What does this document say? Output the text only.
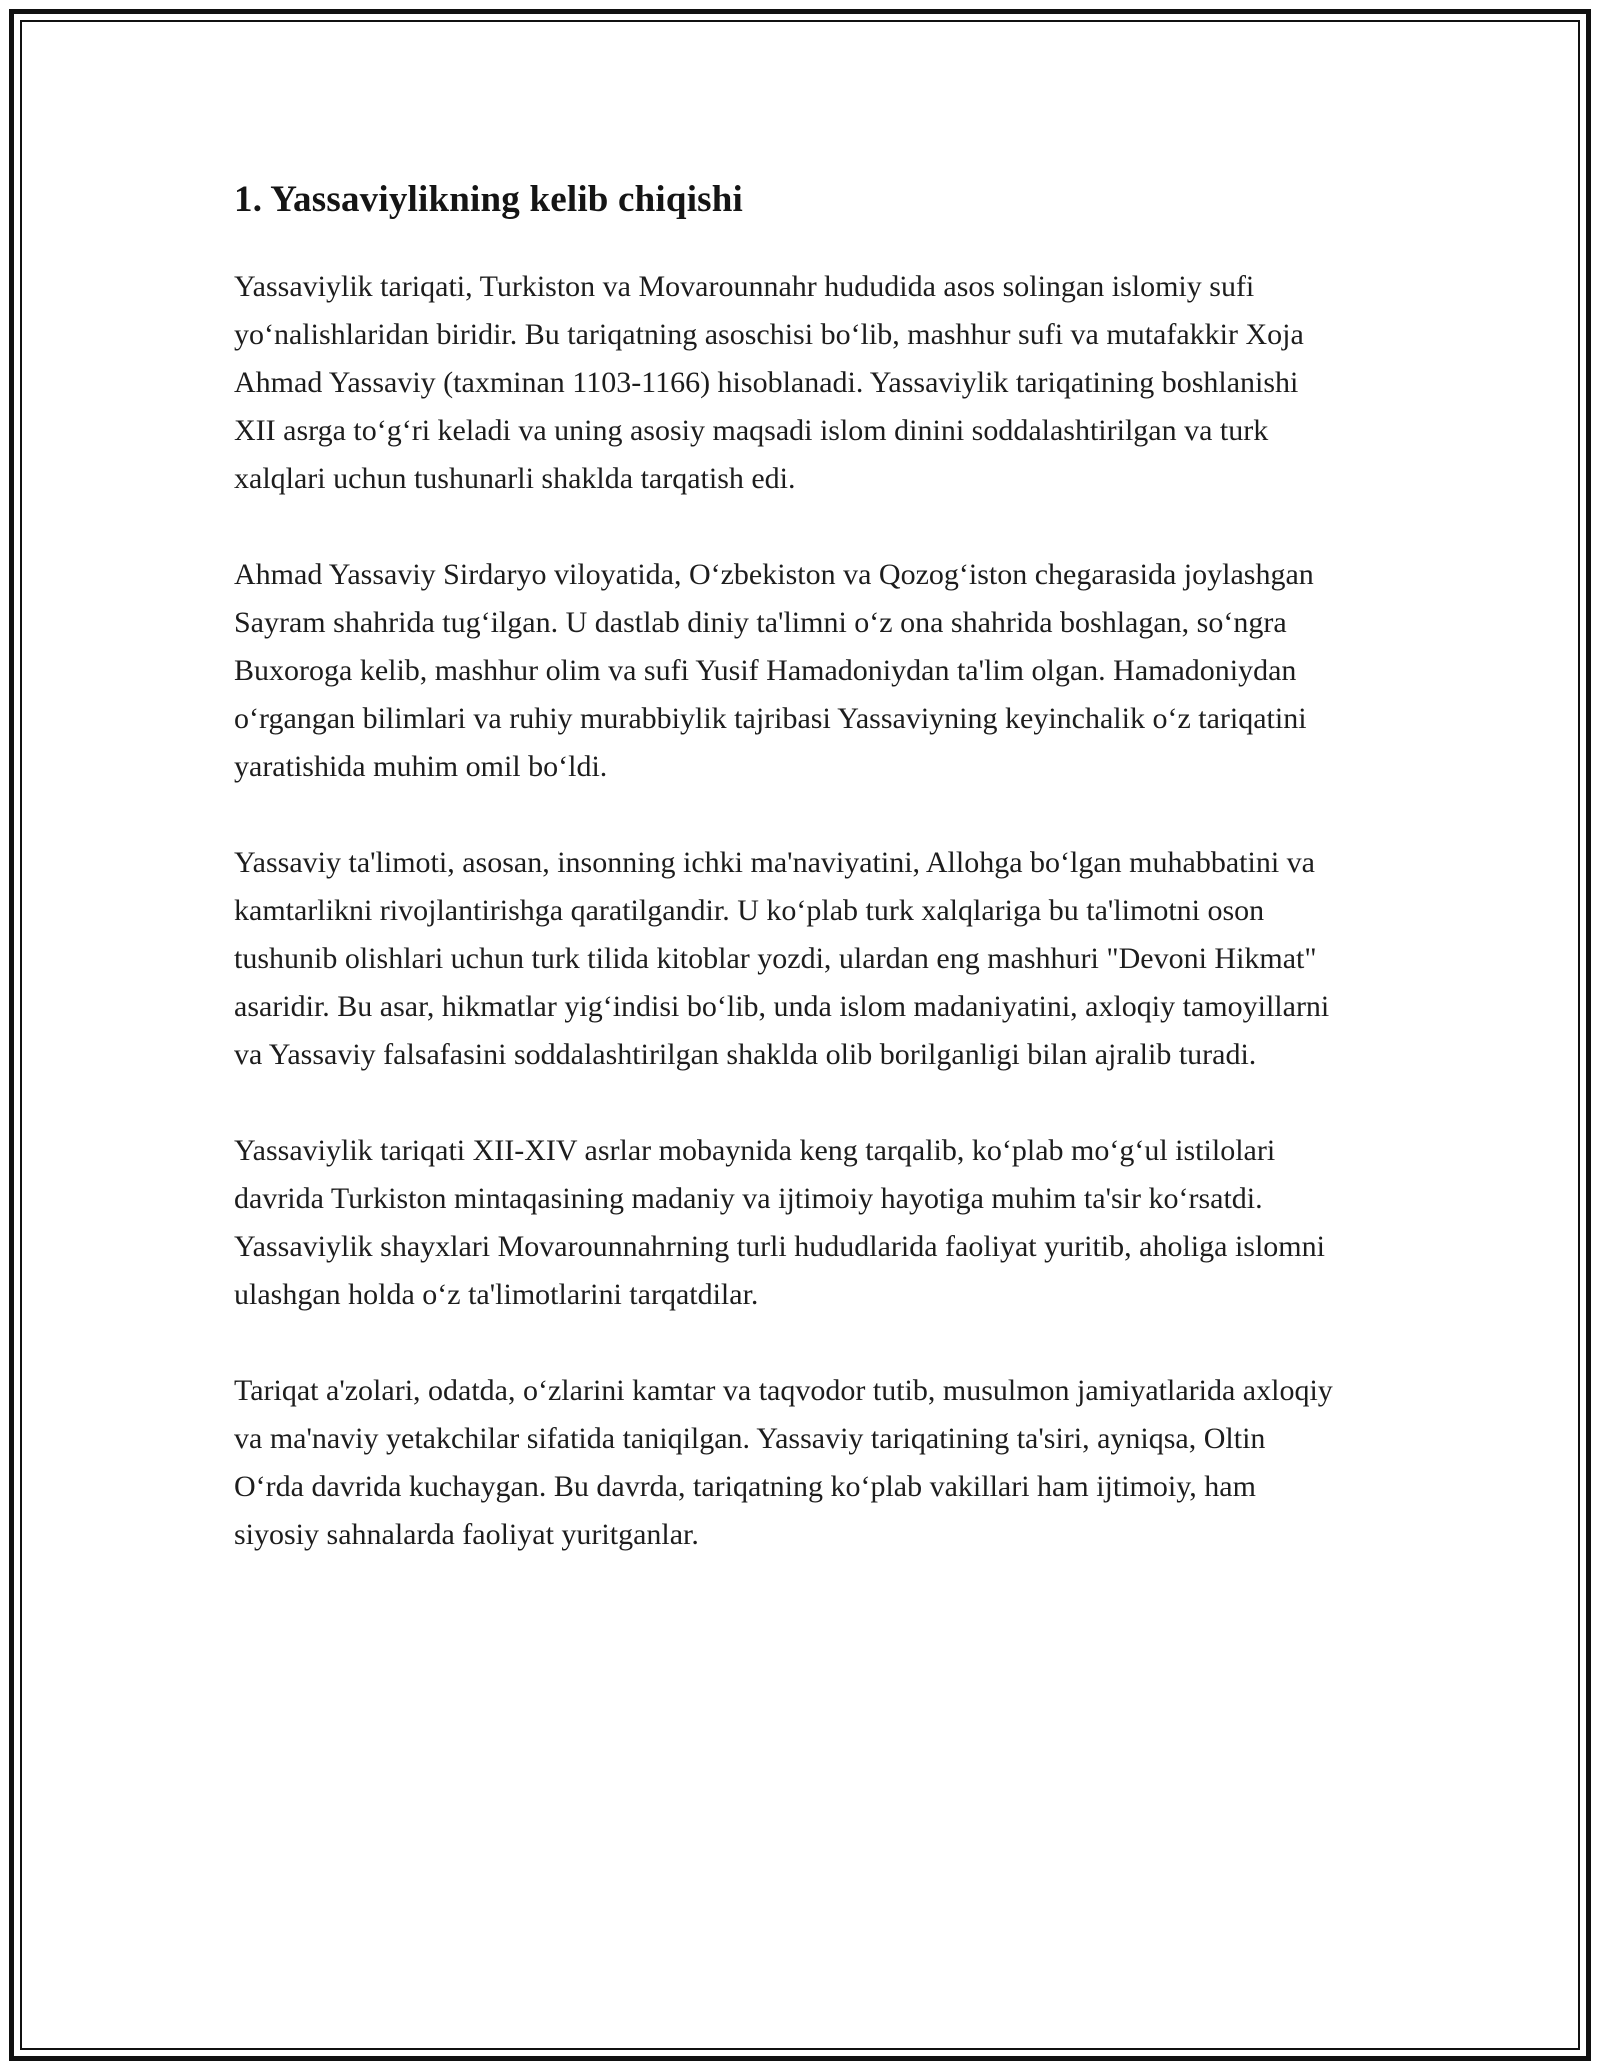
1. Yassaviylikning kelib chiqishi

Yassaviylik tariqati, Turkiston va Movarounnahr hududida asos solingan islomiy sufi yoʻnalishlaridan biridir. Bu tariqatning asoschisi boʻlib, mashhur sufi va mutafakkir Xoja Ahmad Yassaviy (taxminan 1103-1166) hisoblanadi. Yassaviylik tariqatining boshlanishi XII asrga toʻgʻri keladi va uning asosiy maqsadi islom dinini soddalashtirilgan va turk xalqlari uchun tushunarli shaklda tarqatish edi.

Ahmad Yassaviy Sirdaryo viloyatida, Oʻzbekiston va Qozogʻiston chegarasida joylashgan Sayram shahrida tugʻilgan. U dastlab diniy ta'limni oʻz ona shahrida boshlagan, soʻngra Buxoroga kelib, mashhur olim va sufi Yusif Hamadoniydan ta'lim olgan. Hamadoniydan oʻrgangan bilimlari va ruhiy murabbiylik tajribasi Yassaviyning keyinchalik oʻz tariqatini yaratishida muhim omil boʻldi.

Yassaviy ta'limoti, asosan, insonning ichki ma'naviyatini, Allohga boʻlgan muhabbatini va kamtarlikni rivojlantirishga qaratilgandir. U koʻplab turk xalqlariga bu ta'limotni oson tushunib olishlari uchun turk tilida kitoblar yozdi, ulardan eng mashhuri "Devoni Hikmat" asaridir. Bu asar, hikmatlar yigʻindisi boʻlib, unda islom madaniyatini, axloqiy tamoyillarni va Yassaviy falsafasini soddalashtirilgan shaklda olib borilganligi bilan ajralib turadi.

Yassaviylik tariqati XII-XIV asrlar mobaynida keng tarqalib, koʻplab moʻgʻul istilolari davrida Turkiston mintaqasining madaniy va ijtimoiy hayotiga muhim ta'sir koʻrsatdi. Yassaviylik shayxlari Movarounnahrning turli hududlarida faoliyat yuritib, aholiga islomni ulashgan holda oʻz ta'limotlarini tarqatdilar.

Tariqat a'zolari, odatda, oʻzlarini kamtar va taqvodor tutib, musulmon jamiyatlarida axloqiy va ma'naviy yetakchilar sifatida taniqilgan. Yassaviy tariqatining ta'siri, ayniqsa, Oltin Oʻrda davrida kuchaygan. Bu davrda, tariqatning koʻplab vakillari ham ijtimoiy, ham siyosiy sahnalarda faoliyat yuritganlar.
